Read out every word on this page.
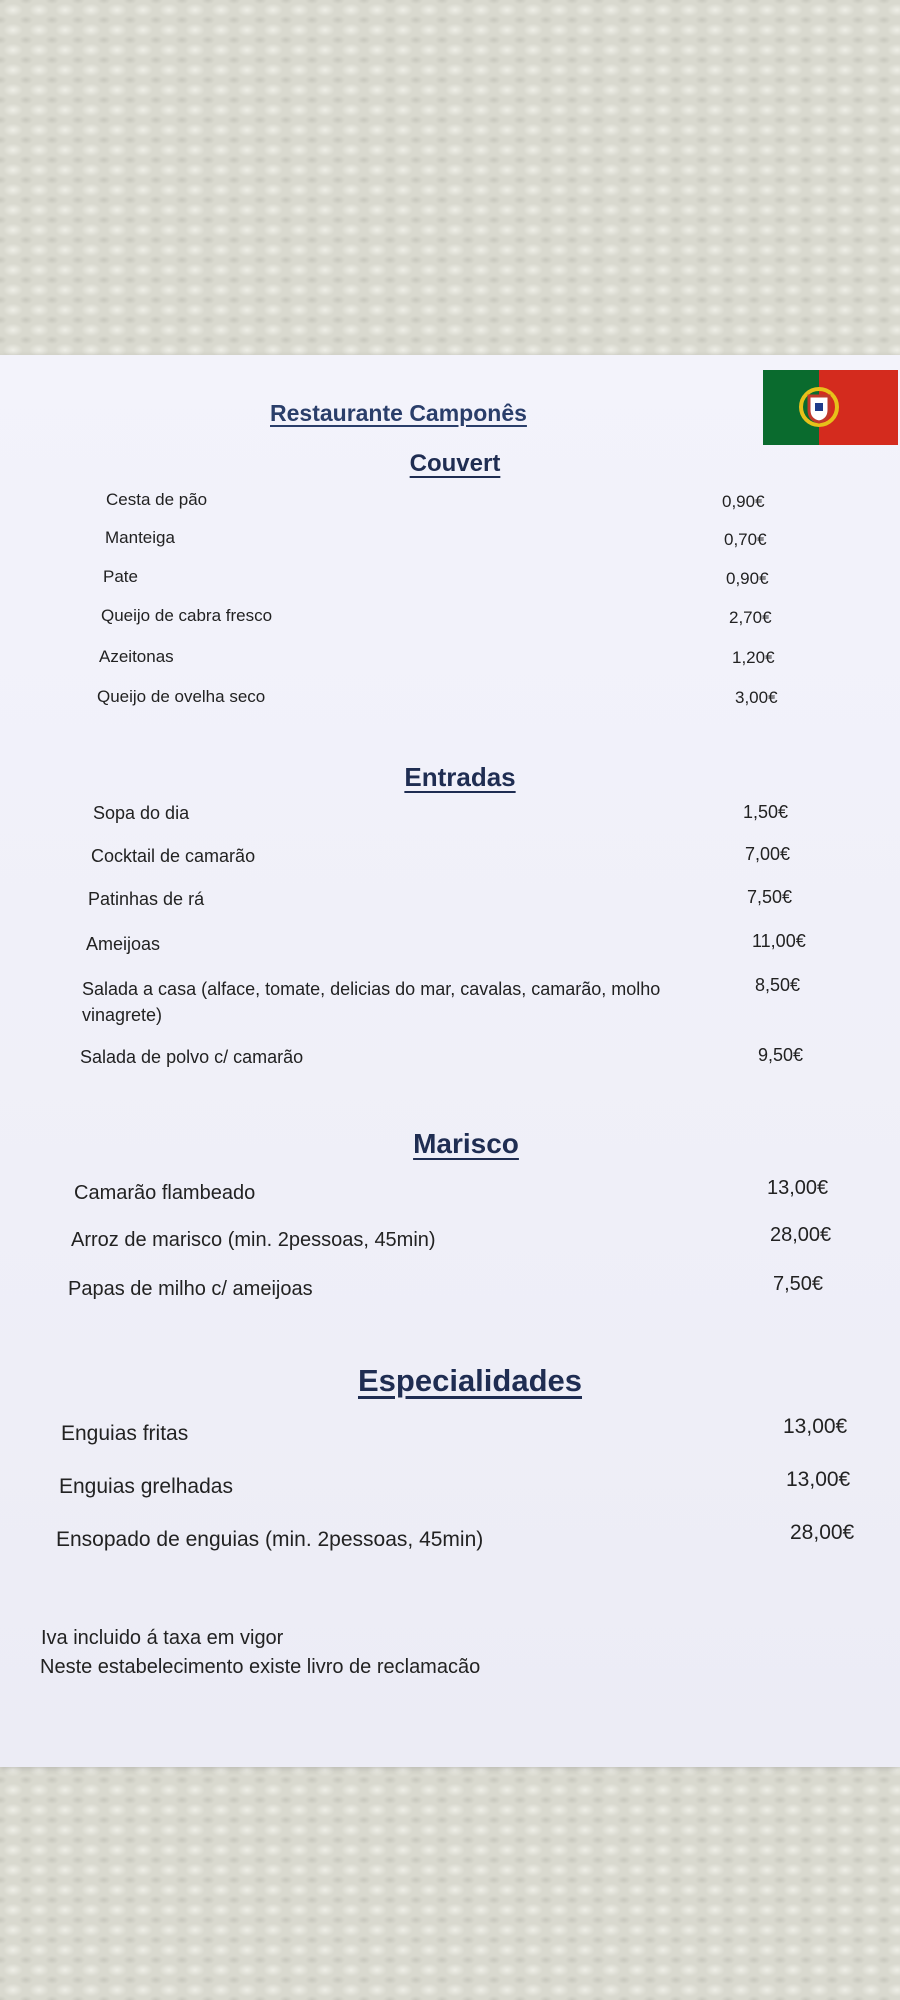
Restaurante Camponês
Couvert
Cesta de pão	0,90€
Manteiga	0,70€
Pate	0,90€
Queijo de cabra fresco	2,70€
Azeitonas	1,20€
Queijo de ovelha seco	3,00€
Entradas
Sopa do dia	1,50€
Cocktail de camarão	7,00€
Patinhas de rá	7,50€
Ameijoas	11,00€
Salada a casa (alface, tomate, delicias do mar, cavalas, camarão, molho vinagrete)
8,50€
Salada de polvo c/ camarão	9,50€
Marisco
Camarão flambeado	13,00€
Arroz de marisco (min. 2pessoas, 45min)	28,00€
Papas de milho c/ ameijoas	7,50€
Especialidades
Enguias fritas	13,00€
Enguias grelhadas	13,00€
Ensopado de enguias (min. 2pessoas, 45min)	28,00€
Iva incluido á taxa em vigor
Neste estabelecimento existe livro de reclamacão
